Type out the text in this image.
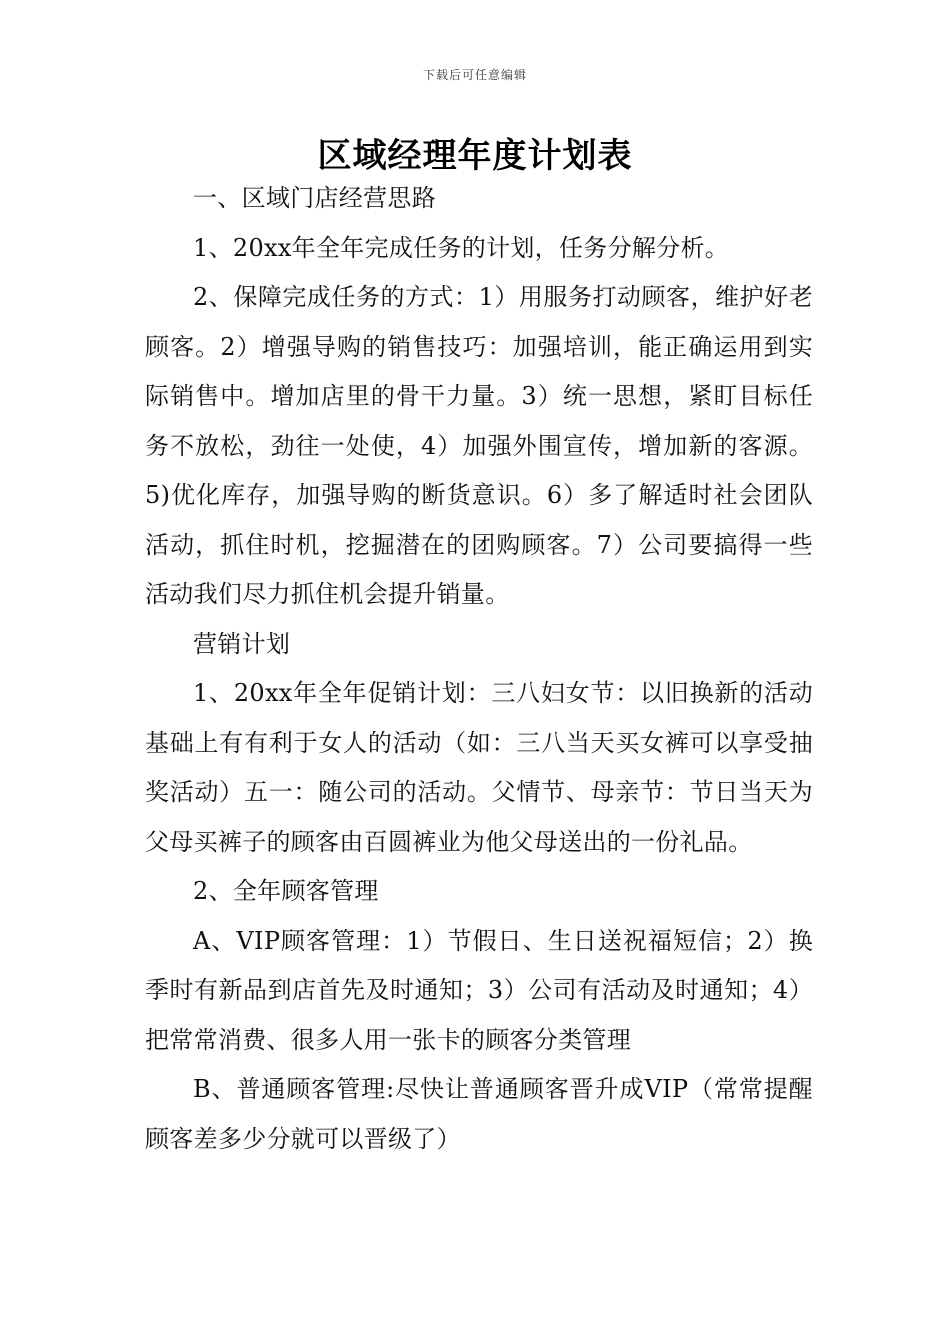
下载后可任意编辑
区域经理年度计划表

一、区域门店经营思路

1、20xx年全年完成任务的计划，任务分解分析。

2、保障完成任务的方式：1）用服务打动顾客，维护好老顾客。2）增强导购的销售技巧：加强培训，能正确运用到实际销售中。增加店里的骨干力量。3）统一思想，紧盯目标任务不放松，劲往一处使，4）加强外围宣传，增加新的客源。5)优化库存，加强导购的断货意识。6）多了解适时社会团队活动，抓住时机，挖掘潜在的团购顾客。7）公司要搞得一些活动我们尽力抓住机会提升销量。

营销计划

1、20xx年全年促销计划：三八妇女节：以旧换新的活动基础上有有利于女人的活动（如：三八当天买女裤可以享受抽奖活动）五一：随公司的活动。父情节、母亲节：节日当天为父母买裤子的顾客由百圆裤业为他父母送出的一份礼品。

2、全年顾客管理

A、VIP顾客管理：1）节假日、生日送祝福短信；2）换季时有新品到店首先及时通知；3）公司有活动及时通知；4）把常常消费、很多人用一张卡的顾客分类管理

B、普通顾客管理:尽快让普通顾客晋升成VIP（常常提醒顾客差多少分就可以晋级了）
